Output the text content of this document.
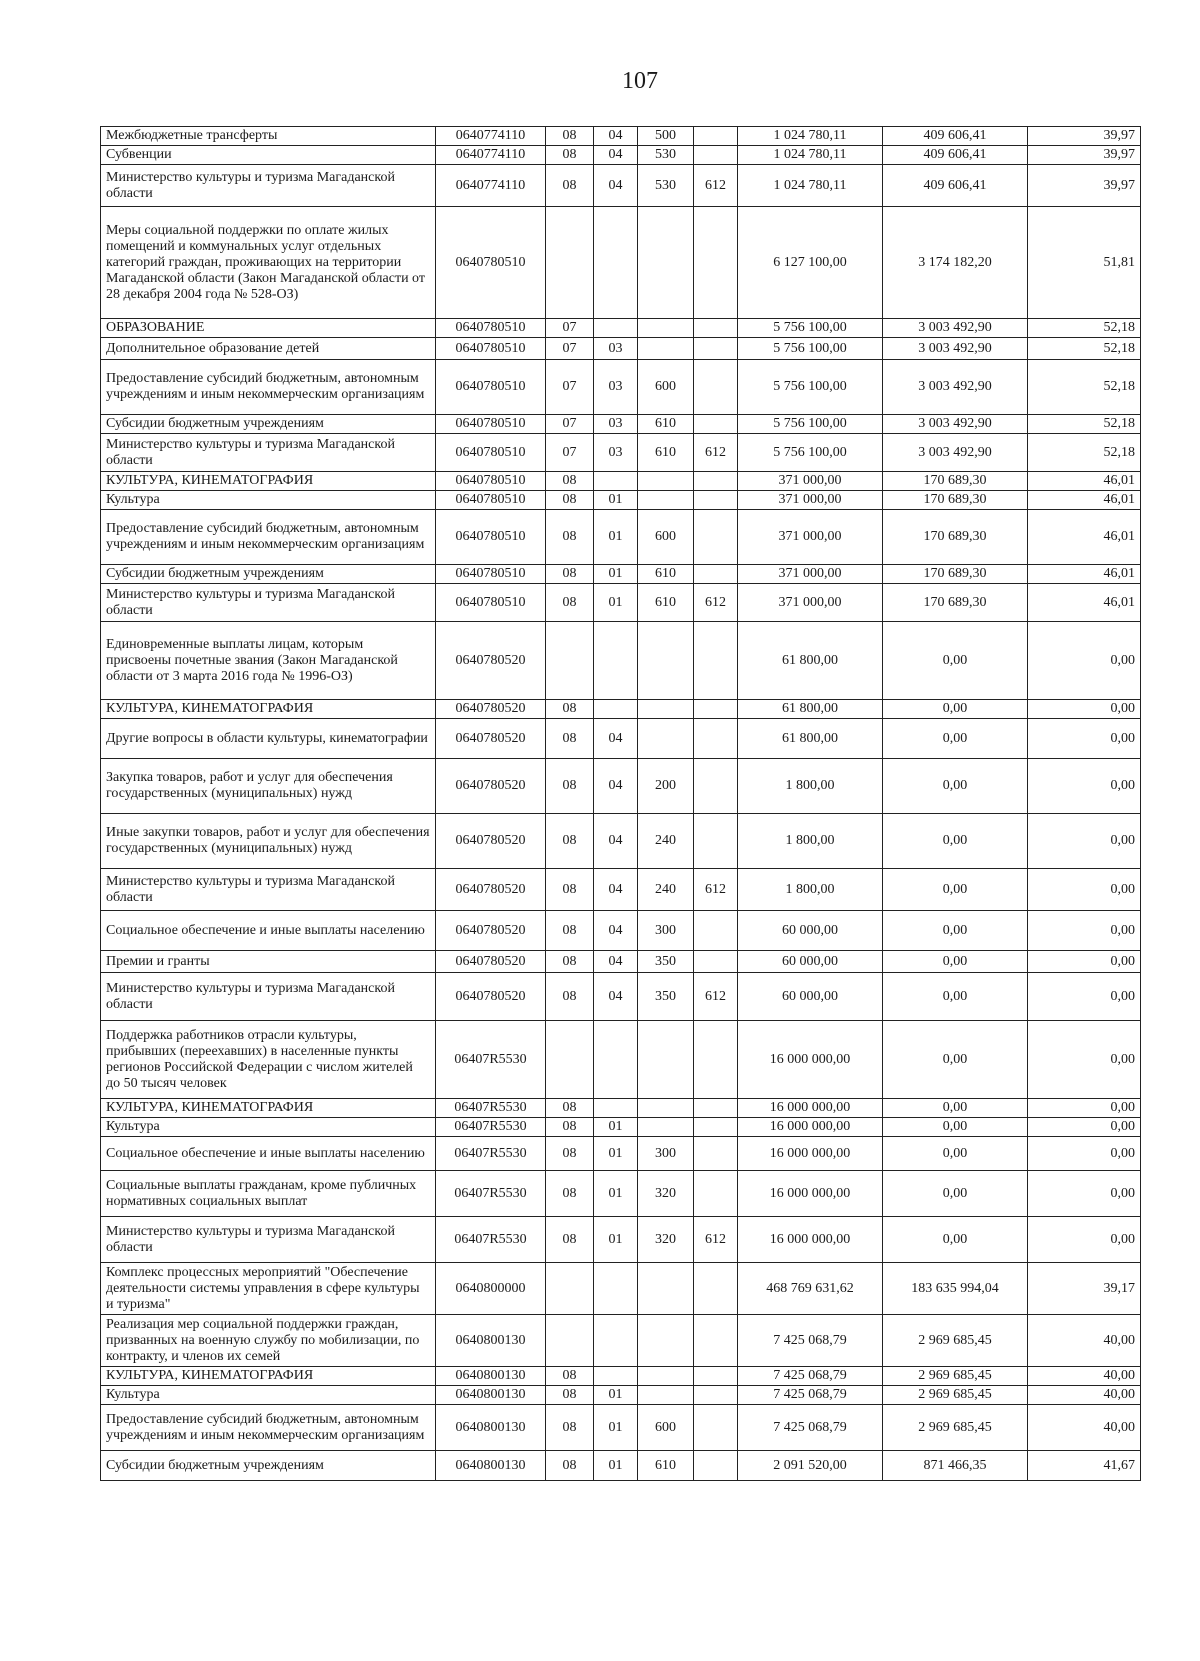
107
Межбюджетные трансферты	0640774110	08	04	500		1 024 780,11	409 606,41	39,97
Субвенции	0640774110	08	04	530		1 024 780,11	409 606,41	39,97
Министерство культуры и туризма Магаданской области	0640774110	08	04	530	612	1 024 780,11	409 606,41	39,97
Меры социальной поддержки по оплате жилых помещений и коммунальных услуг отдельных категорий граждан, проживающих на территории Магаданской области (Закон Магаданской области от 28 декабря 2004 года № 528-ОЗ)	0640780510					6 127 100,00	3 174 182,20	51,81
ОБРАЗОВАНИЕ	0640780510	07				5 756 100,00	3 003 492,90	52,18
Дополнительное образование детей	0640780510	07	03			5 756 100,00	3 003 492,90	52,18
Предоставление субсидий бюджетным, автономным учреждениям и иным некоммерческим организациям	0640780510	07	03	600		5 756 100,00	3 003 492,90	52,18
Субсидии бюджетным учреждениям	0640780510	07	03	610		5 756 100,00	3 003 492,90	52,18
Министерство культуры и туризма Магаданской области	0640780510	07	03	610	612	5 756 100,00	3 003 492,90	52,18
КУЛЬТУРА, КИНЕМАТОГРАФИЯ	0640780510	08				371 000,00	170 689,30	46,01
Культура	0640780510	08	01			371 000,00	170 689,30	46,01
Предоставление субсидий бюджетным, автономным учреждениям и иным некоммерческим организациям	0640780510	08	01	600		371 000,00	170 689,30	46,01
Субсидии бюджетным учреждениям	0640780510	08	01	610		371 000,00	170 689,30	46,01
Министерство культуры и туризма Магаданской области	0640780510	08	01	610	612	371 000,00	170 689,30	46,01
Единовременные выплаты лицам, которым присвоены почетные звания (Закон Магаданской области от 3 марта 2016 года № 1996-ОЗ)	0640780520					61 800,00	0,00	0,00
КУЛЬТУРА, КИНЕМАТОГРАФИЯ	0640780520	08				61 800,00	0,00	0,00
Другие вопросы в области культуры, кинематографии	0640780520	08	04			61 800,00	0,00	0,00
Закупка товаров, работ и услуг для обеспечения государственных (муниципальных) нужд	0640780520	08	04	200		1 800,00	0,00	0,00
Иные закупки товаров, работ и услуг для обеспечения государственных (муниципальных) нужд	0640780520	08	04	240		1 800,00	0,00	0,00
Министерство культуры и туризма Магаданской области	0640780520	08	04	240	612	1 800,00	0,00	0,00
Социальное обеспечение и иные выплаты населению	0640780520	08	04	300		60 000,00	0,00	0,00
Премии и гранты	0640780520	08	04	350		60 000,00	0,00	0,00
Министерство культуры и туризма Магаданской области	0640780520	08	04	350	612	60 000,00	0,00	0,00
Поддержка работников отрасли культуры, прибывших (переехавших) в населенные пункты регионов Российской Федерации с числом жителей до 50 тысяч человек	06407R5530					16 000 000,00	0,00	0,00
КУЛЬТУРА, КИНЕМАТОГРАФИЯ	06407R5530	08				16 000 000,00	0,00	0,00
Культура	06407R5530	08	01			16 000 000,00	0,00	0,00
Социальное обеспечение и иные выплаты населению	06407R5530	08	01	300		16 000 000,00	0,00	0,00
Социальные выплаты гражданам, кроме публичных нормативных социальных выплат	06407R5530	08	01	320		16 000 000,00	0,00	0,00
Министерство культуры и туризма Магаданской области	06407R5530	08	01	320	612	16 000 000,00	0,00	0,00
Комплекс процессных мероприятий "Обеспечение деятельности системы управления в сфере культуры и туризма"	0640800000					468 769 631,62	183 635 994,04	39,17
Реализация мер социальной поддержки граждан, призванных на военную службу по мобилизации, по контракту, и членов их семей	0640800130					7 425 068,79	2 969 685,45	40,00
КУЛЬТУРА, КИНЕМАТОГРАФИЯ	0640800130	08				7 425 068,79	2 969 685,45	40,00
Культура	0640800130	08	01			7 425 068,79	2 969 685,45	40,00
Предоставление субсидий бюджетным, автономным учреждениям и иным некоммерческим организациям	0640800130	08	01	600		7 425 068,79	2 969 685,45	40,00
Субсидии бюджетным учреждениям	0640800130	08	01	610		2 091 520,00	871 466,35	41,67
